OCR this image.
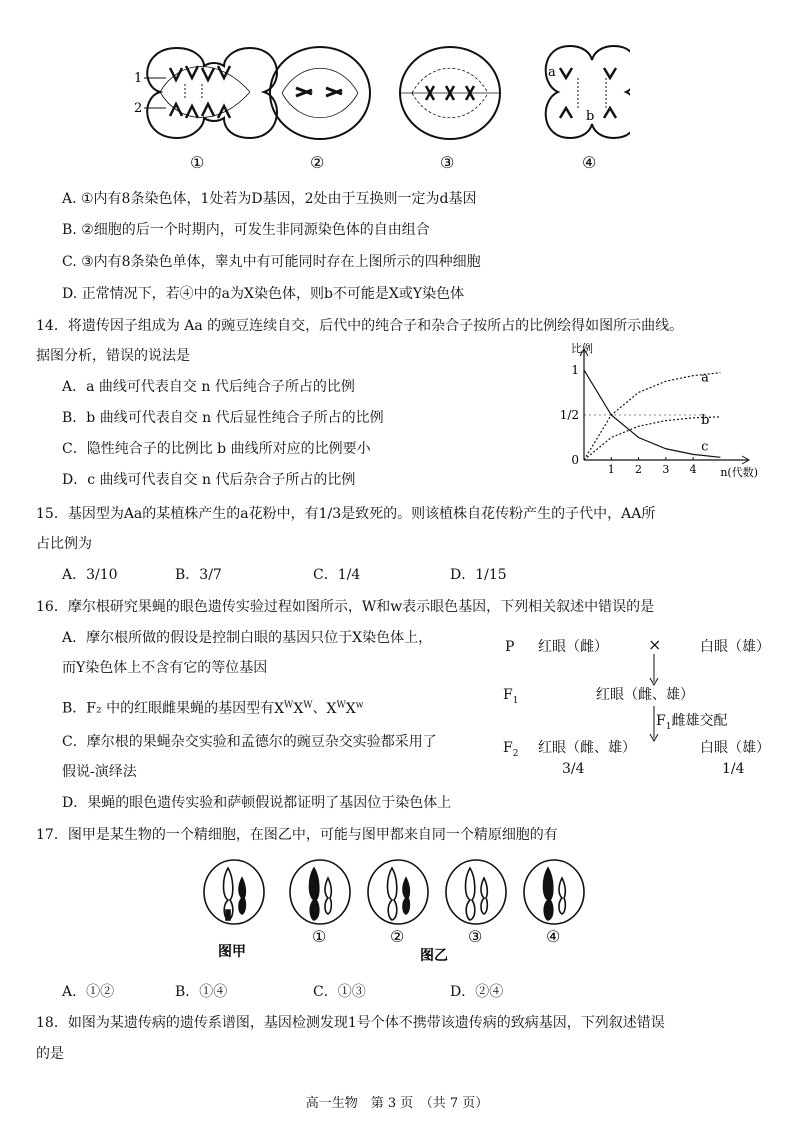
1
2
a
b
①	②	③	④
A. ①内有8条染色体，1处若为D基因，2处由于互换则一定为d基因
B. ②细胞的后一个时期内，可发生非同源染色体的自由组合
C. ③内有8条染色单体，睾丸中有可能同时存在上图所示的四种细胞
D. 正常情况下，若④中的a为X染色体，则b不可能是X或Y染色体
14．将遗传因子组成为 Aa 的豌豆连续自交，后代中的纯合子和杂合子按所占的比例绘得如图所示曲线。
据图分析，错误的说法是
A．a 曲线可代表自交 n 代后纯合子所占的比例
B．b 曲线可代表自交 n 代后显性纯合子所占的比例
C．隐性纯合子的比例比 b 曲线所对应的比例要小
D．c 曲线可代表自交 n 代后杂合子所占的比例
0
1/2
1
1 2 3 4
比例
n(代数)
a
b
c
15．基因型为Aa的某植株产生的a花粉中，有1/3是致死的。则该植株自花传粉产生的子代中，AA所
占比例为
A．3/10	B．3/7	C．1/4	D．1/15
16．摩尔根研究果蝇的眼色遗传实验过程如图所示，W和w表示眼色基因，下列相关叙述中错误的是
A．摩尔根所做的假设是控制白眼的基因只位于X染色体上，
而Y染色体上不含有它的等位基因
B．F₂ 中的红眼雌果蝇的基因型有$X^WX^W$、$X^WX^w$
C．摩尔根的果蝇杂交实验和孟德尔的豌豆杂交实验都采用了
假说-演绎法
D．果蝇的眼色遗传实验和萨顿假说都证明了基因位于染色体上
P 红眼（雌）	×	白眼（雄）
$F_1$	红眼（雌、雄）
$F_1$雌雄交配
$F_2$ 红眼（雌、雄）	白眼（雄）
3/4	1/4
17．图甲是某生物的一个精细胞，在图乙中，可能与图甲都来自同一个精原细胞的有
图甲
①	②
图乙
③	④
A．①②	B．①④	C．①③	D．②④
18．如图为某遗传病的遗传系谱图，基因检测发现1号个体不携带该遗传病的致病基因，下列叙述错误
的是
高一生物　第 3 页　（共 7 页）
